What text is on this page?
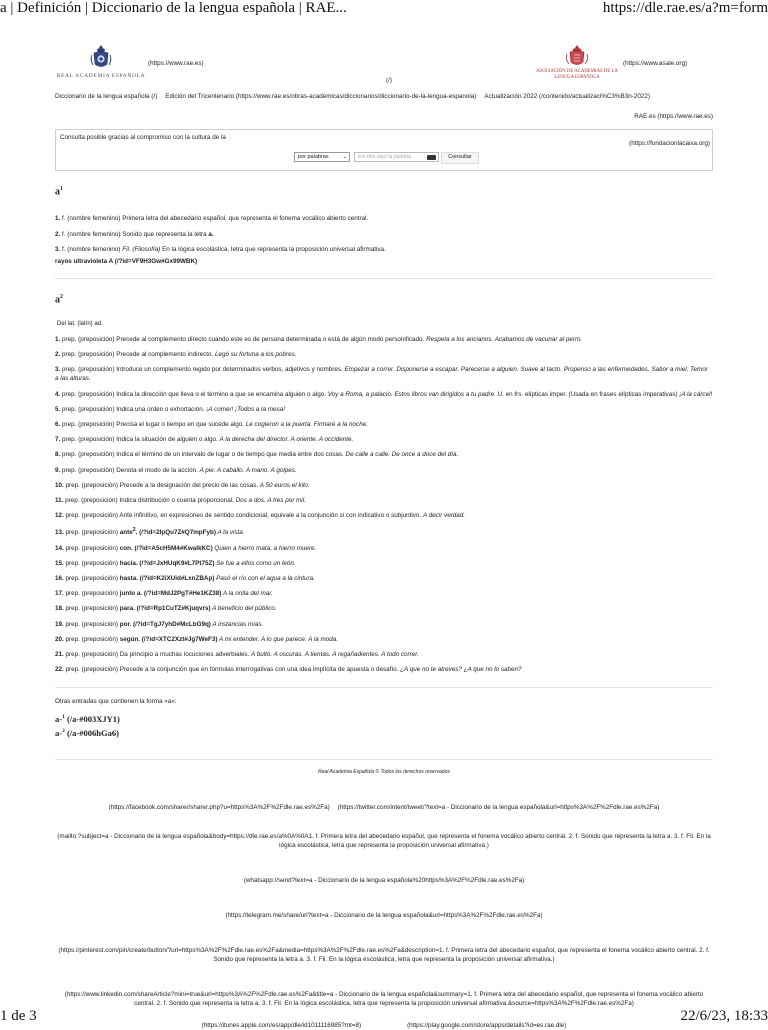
a | Definición | Diccionario de la lengua española | RAE...	https://dle.rae.es/a?m=form
REAL ACADEMIA ESPAÑOLA
(https://www.rae.es)
(/)
ASOCIACIÓN DE ACADEMIAS DE LA
LENGUA ESPAÑOLA
(https://www.asale.org)
Diccionario de la lengua española (/) Edición del Tricentenario (https://www.rae.es/obras-academicas/diccionarios/diccionario-de-la-lengua-espanola) Actualización 2022 (/contenido/actualizaci%C3%B3n-2022)
RAE.es (https://www.rae.es)
Consulta posible gracias al compromiso con la cultura de la
(https://fundacionlacaixa.org)
por palabras	⌄	Escriba aquí la palabra	Consultar
$a^1$

1. f. (nombre femenino) Primera letra del abecedario español, que representa el fonema vocálico abierto central.

2. f. (nombre femenino) Sonido que representa la letra a.

3. f. (nombre femenino) Fil. (Filosofía) En la lógica escolástica, letra que representa la proposición universal afirmativa.

rayos ultravioleta A (/?id=VF9H3Gw#Gx99WBK)
$a^2$
Del lat. (latín) ad.

1. prep. (preposición) Precede al complemento directo cuando este es de persona determinada o está de algún modo personificado. Respeta a los ancianos. Acabamos de vacunar al perro.

2. prep. (preposición) Precede al complemento indirecto. Legó su fortuna a los pobres.

3. prep. (preposición) Introduce un complemento regido por determinados verbos, adjetivos y nombres. Empezar a correr. Disponerse a escapar. Parecerse a alguien. Suave al tacto. Propenso a las enfermedades. Sabor a miel. Temor a las alturas.

4. prep. (preposición) Indica la dirección que lleva o el término a que se encamina alguien o algo. Voy a Roma, a palacio. Estos libros van dirigidos a tu padre. U. en frs. elípticas imper. (Usada en frases elípticas imperativas) ¡A la cárcel!

5. prep. (preposición) Indica una orden o exhortación. ¡A comer! ¡Todos a la mesa!

6. prep. (preposición) Precisa el lugar o tiempo en que sucede algo. Le cogieron a la puerta. Firmaré a la noche.

7. prep. (preposición) Indica la situación de alguien o algo. A la derecha del director. A oriente. A occidente.

8. prep. (preposición) Indica el término de un intervalo de lugar o de tiempo que media entre dos cosas. De calle a calle. De once a doce del día.

9. prep. (preposición) Denota el modo de la acción. A pie. A caballo. A mano. A golpes.

10. prep. (preposición) Precede a la designación del precio de las cosas. A 50 euros el kilo.

11. prep. (preposición) Indica distribución o cuenta proporcional. Dos a dos. A tres por mil.

12. prep. (preposición) Ante infinitivo, en expresiones de sentido condicional, equivale a la conjunción si con indicativo o subjuntivo. A decir verdad.

13. prep. (preposición) ante$^2$. (/?id=2lpQu7Z#Q7mpFyb) A la vista.

14. prep. (preposición) con. (/?id=A5cH5M4#KwalkKC) Quien a hierro mata, a hierro muere.

15. prep. (preposición) hacia. (/?id=JxHUqK9#L7Pt75Z) Se fue a ellos como un león.

16. prep. (preposición) hasta. (/?id=K2iXUid#LxnZBAp) Pasó el río con el agua a la cintura.

17. prep. (preposición) junto a. (/?id=MdJ2PgT#He1KZ38) A la orilla del mar.

18. prep. (preposición) para. (/?id=Rp1CuTZ#Kjuqvrs) A beneficio del público.

19. prep. (preposición) por. (/?id=TgJ7yhD#McLbG9q) A instancias mías.

20. prep. (preposición) según. (/?id=XTC2Xzt#Jg7WeF3) A mi entender. A lo que parece. A la moda.

21. prep. (preposición) Da principio a muchas locuciones adverbiales. A bulto. A oscuras. A tientas. A regañadientes. A todo correr.

22. prep. (preposición) Precede a la conjunción que en fórmulas interrogativas con una idea implícita de apuesta o desafío. ¿A que no te atreves? ¿A que no lo saben?

Otras entradas que contienen la forma «a»:
a-$^1$ (/a-#003XJY1)
a-$^2$ (/a-#006hGa6)
Real Academia Española © Todos los derechos reservados
(https://facebook.com/sharer/sharer.php?u=https%3A%2F%2Fdle.rae.es%2Fa) (https://twitter.com/intent/tweet/?text=a - Diccionario de la lengua española&url=https%3A%2F%2Fdle.rae.es%2Fa)
(mailto:?subject=a - Diccionario de la lengua española&body=https://dle.rae.es/a%0A%0A1. f. Primera letra del abecedario español, que representa el fonema vocálico abierto central. 2. f. Sonido que representa la letra a. 3. f. Fil. En la lógica escolástica, letra que representa la proposición universal afirmativa.)
(whatsapp://send?text=a - Diccionario de la lengua española%20https%3A%2F%2Fdle.rae.es%2Fa)
(https://telegram.me/share/url?text=a - Diccionario de la lengua española&url=https%3A%2F%2Fdle.rae.es%2Fa)
(https://pinterest.com/pin/create/button/?url=https%3A%2F%2Fdle.rae.es%2Fa&media=https%3A%2F%2Fdle.rae.es%2Fa&description=1. f. Primera letra del abecedario español, que representa el fonema vocálico abierto central. 2. f. Sonido que representa la letra a. 3. f. Fil. En la lógica escolástica, letra que representa la proposición universal afirmativa.)
(https://www.linkedin.com/shareArticle?mini=true&url=https%3A%2F%2Fdle.rae.es%2Fa&title=a - Diccionario de la lengua española&summary=1. f. Primera letra del abecedario español, que representa el fonema vocálico abierto central. 2. f. Sonido que representa la letra a. 3. f. Fil. En la lógica escolástica, letra que representa la proposición universal afirmativa.&source=https%3A%2F%2Fdle.rae.es%2Fa)
(https://itunes.apple.com/es/app/dle/id1011116985?mt=8)	(https://play.google.com/store/apps/details?id=es.rae.dle)
1 de 3	22/6/23, 18:33
